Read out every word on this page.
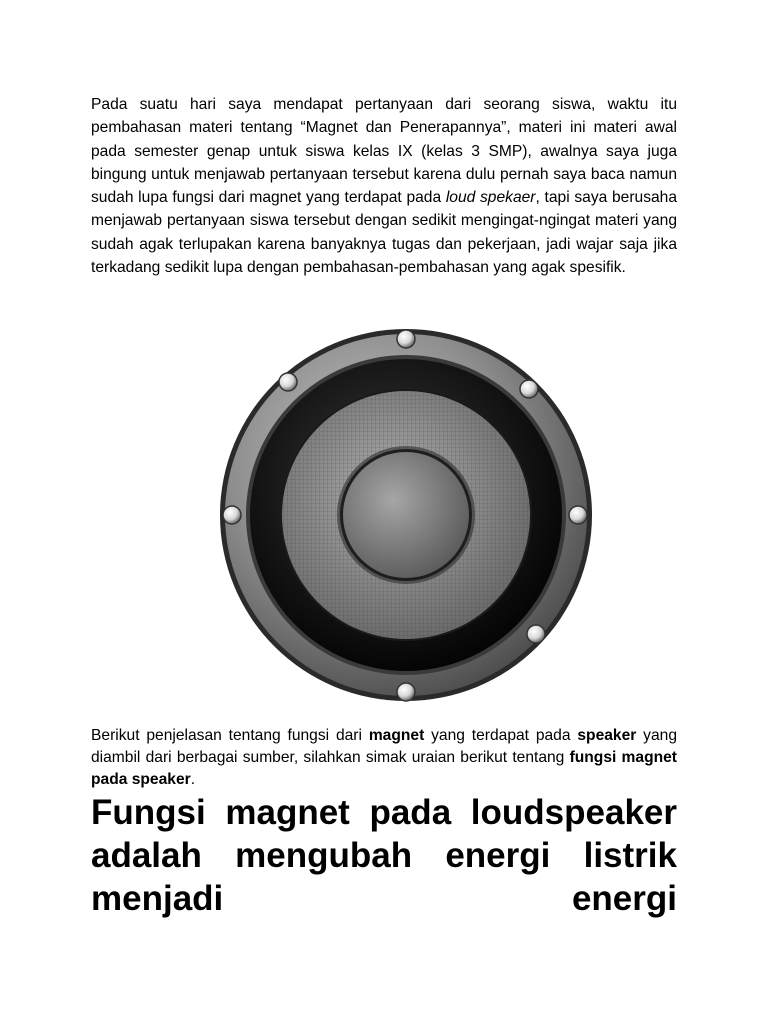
Pada suatu hari saya mendapat pertanyaan dari seorang siswa, waktu itu pembahasan materi tentang “Magnet dan Penerapannya”, materi ini materi awal pada semester genap untuk siswa kelas IX (kelas 3 SMP), awalnya saya juga bingung untuk menjawab pertanyaan tersebut karena dulu pernah saya baca namun sudah lupa fungsi dari magnet yang terdapat pada loud spekaer, tapi saya berusaha menjawab pertanyaan siswa tersebut dengan sedikit mengingat-ngingat materi yang sudah agak terlupakan karena banyaknya tugas dan pekerjaan, jadi wajar saja jika terkadang sedikit lupa dengan pembahasan-pembahasan yang agak spesifik.

Berikut penjelasan tentang fungsi dari magnet yang terdapat pada speaker yang diambil dari berbagai sumber, silahkan simak uraian berikut tentang fungsi magnet pada speaker.

Fungsi magnet pada loudspeaker adalah mengubah energi listrik menjadi energi
